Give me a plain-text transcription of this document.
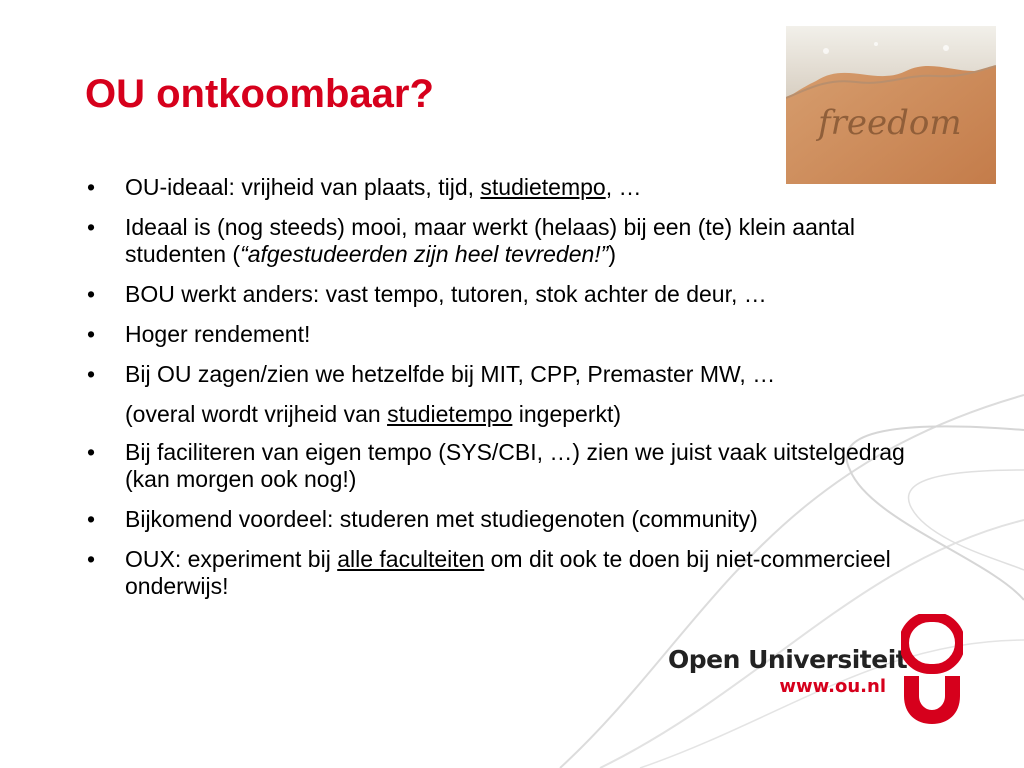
OU ontkoombaar?
freedom
• OU-ideaal: vrijheid van plaats, tijd, studietempo, …
• Ideaal is (nog steeds) mooi, maar werkt (helaas) bij een (te) klein aantal studenten (“afgestudeerden zijn heel tevreden!”)
• BOU werkt anders: vast tempo, tutoren, stok achter de deur, …
• Hoger rendement!
• Bij OU zagen/zien we hetzelfde bij MIT, CPP, Premaster MW, …
(overal wordt vrijheid van studietempo ingeperkt)
• Bij faciliteren van eigen tempo (SYS/CBI, …) zien we juist vaak uitstelgedrag (kan morgen ook nog!)
• Bijkomend voordeel: studeren met studiegenoten (community)
• OUX: experiment bij alle faculteiten om dit ook te doen bij niet-commercieel onderwijs!
Open Universiteit
www.ou.nl
